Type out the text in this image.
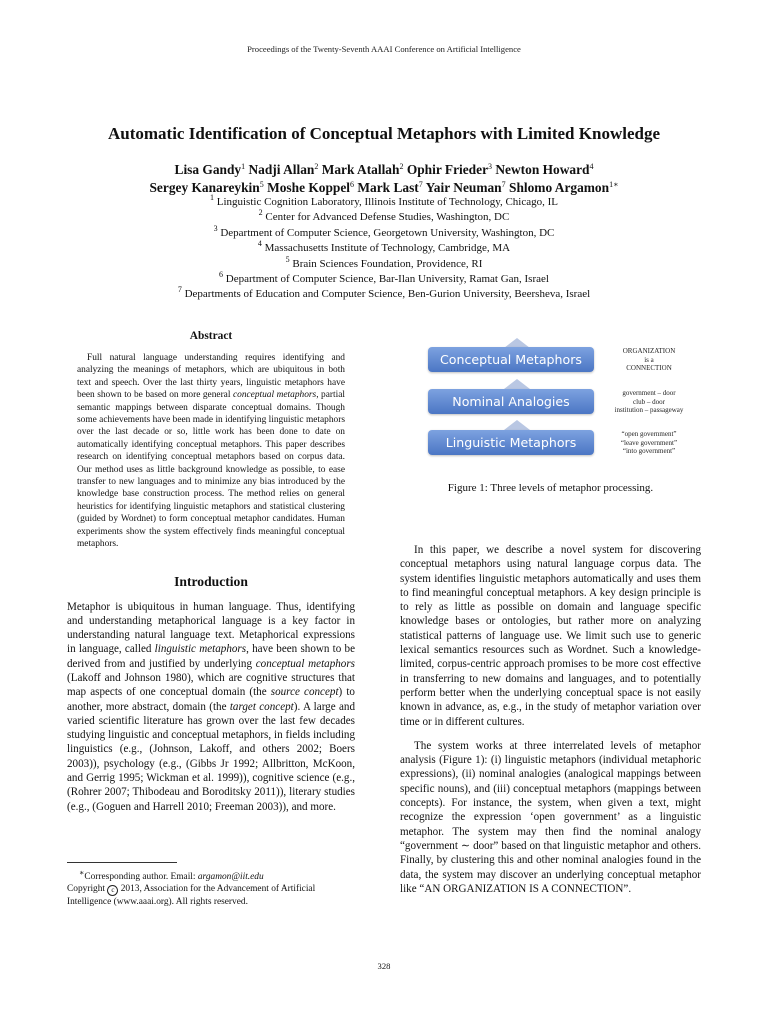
Proceedings of the Twenty-Seventh AAAI Conference on Artificial Intelligence
Automatic Identification of Conceptual Metaphors with Limited Knowledge
Lisa Gandy$^1$ Nadji Allan$^2$ Mark Atallah$^2$ Ophir Frieder$^3$ Newton Howard$^4$
Sergey Kanareykin$^5$ Moshe Koppel$^6$ Mark Last$^7$ Yair Neuman$^7$ Shlomo Argamon$^{1∗}$
$^1$ Linguistic Cognition Laboratory, Illinois Institute of Technology, Chicago, IL
$^2$ Center for Advanced Defense Studies, Washington, DC
$^3$ Department of Computer Science, Georgetown University, Washington, DC
$^4$ Massachusetts Institute of Technology, Cambridge, MA
$^5$ Brain Sciences Foundation, Providence, RI
$^6$ Department of Computer Science, Bar-Ilan University, Ramat Gan, Israel
$^7$ Departments of Education and Computer Science, Ben-Gurion University, Beersheva, Israel
Abstract

Full natural language understanding requires identifying and analyzing the meanings of metaphors, which are ubiquitous in both text and speech. Over the last thirty years, linguistic metaphors have been shown to be based on more general conceptual metaphors, partial semantic mappings between disparate conceptual domains. Though some achievements have been made in identifying linguistic metaphors over the last decade or so, little work has been done to date on automatically identifying conceptual metaphors. This paper describes research on identifying conceptual metaphors based on corpus data. Our method uses as little background knowledge as possible, to ease transfer to new languages and to minimize any bias introduced by the knowledge base construction process. The method relies on general heuristics for identifying linguistic metaphors and statistical clustering (guided by Wordnet) to form conceptual metaphor candidates. Human experiments show the system effectively finds meaningful conceptual metaphors.

Introduction

Metaphor is ubiquitous in human language. Thus, identifying and understanding metaphorical language is a key factor in understanding natural language text. Metaphorical expressions in language, called linguistic metaphors, have been shown to be derived from and justified by underlying conceptual metaphors (Lakoff and Johnson 1980), which are cognitive structures that map aspects of one conceptual domain (the source concept) to another, more abstract, domain (the target concept). A large and varied scientific literature has grown over the last few decades studying linguistic and conceptual metaphors, in fields including linguistics (e.g., (Johnson, Lakoff, and others 2002; Boers 2003)), psychology (e.g., (Gibbs Jr 1992; Allbritton, McKoon, and Gerrig 1995; Wickman et al. 1999)), cognitive science (e.g., (Rohrer 2007; Thibodeau and Boroditsky 2011)), literary studies (e.g., (Goguen and Harrell 2010; Freeman 2003)), and more.

∗Corresponding author. Email: argamon@iit.edu
Copyright c 2013, Association for the Advancement of Artificial Intelligence (www.aaai.org). All rights reserved.
Conceptual Metaphors
Nominal Analogies
Linguistic Metaphors
ORGANIZATION
is a
CONNECTION
government – door
club – door
institution – passageway
“open government”
“leave government”
“into government”
Figure 1: Three levels of metaphor processing.

In this paper, we describe a novel system for discovering conceptual metaphors using natural language corpus data. The system identifies linguistic metaphors automatically and uses them to find meaningful conceptual metaphors. A key design principle is to rely as little as possible on domain and language specific knowledge bases or ontologies, but rather more on analyzing statistical patterns of language use. We limit such use to generic lexical semantics resources such as Wordnet. Such a knowledge-limited, corpus-centric approach promises to be more cost effective in transferring to new domains and languages, and to potentially perform better when the underlying conceptual space is not easily known in advance, as, e.g., in the study of metaphor variation over time or in different cultures.

The system works at three interrelated levels of metaphor analysis (Figure 1): (i) linguistic metaphors (individual metaphoric expressions), (ii) nominal analogies (analogical mappings between specific nouns), and (iii) conceptual metaphors (mappings between concepts). For instance, the system, when given a text, might recognize the expression ‘open government’ as a linguistic metaphor. The system may then find the nominal analogy “government ∼ door” based on that linguistic metaphor and others. Finally, by clustering this and other nominal analogies found in the data, the system may discover an underlying conceptual metaphor like “AN ORGANIZATION IS A CONNECTION”.

328
